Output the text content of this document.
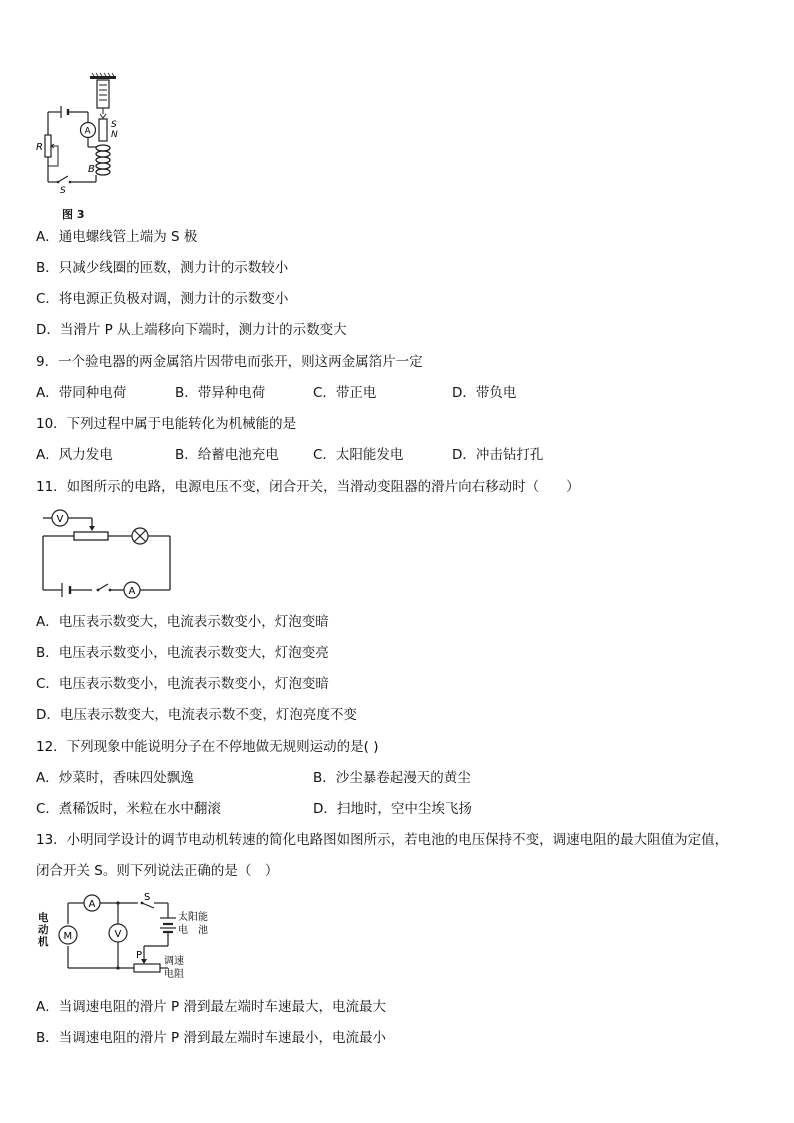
S
N
B
A
R
S
图 3
A．通电螺线管上端为 S 极
B．只减少线圈的匝数，测力计的示数较小
C．将电源正负极对调，测力计的示数变小
D．当滑片 P 从上端移向下端时，测力计的示数变大
9．一个验电器的两金属箔片因带电而张开，则这两金属箔片一定
A．带同种电荷	B．带异种电荷	C．带正电	D．带负电
10．下列过程中属于电能转化为机械能的是
A．风力发电	B．给蓄电池充电	C．太阳能发电	D．冲击钻打孔
11．如图所示的电路，电源电压不变，闭合开关，当滑动变阻器的滑片向右移动时（　　）
V
A
A．电压表示数变大，电流表示数变小，灯泡变暗
B．电压表示数变小，电流表示数变大，灯泡变亮
C．电压表示数变小，电流表示数变小，灯泡变暗
D．电压表示数变大，电流表示数不变，灯泡亮度不变
12．下列现象中能说明分子在不停地做无规则运动的是( )
A．炒菜时，香味四处飘逸	B．沙尘暴卷起漫天的黄尘
C．煮稀饭时，米粒在水中翻滚	D．扫地时，空中尘埃飞扬
13．小明同学设计的调节电动机转速的简化电路图如图所示，若电池的电压保持不变，调速电阻的最大阻值为定值，
闭合开关 S。则下列说法正确的是（　）
A
M	V
S
太阳能
电　池
P
调速
电阻
电动机
A．当调速电阻的滑片 P 滑到最左端时车速最大，电流最大
B．当调速电阻的滑片 P 滑到最左端时车速最小，电流最小
